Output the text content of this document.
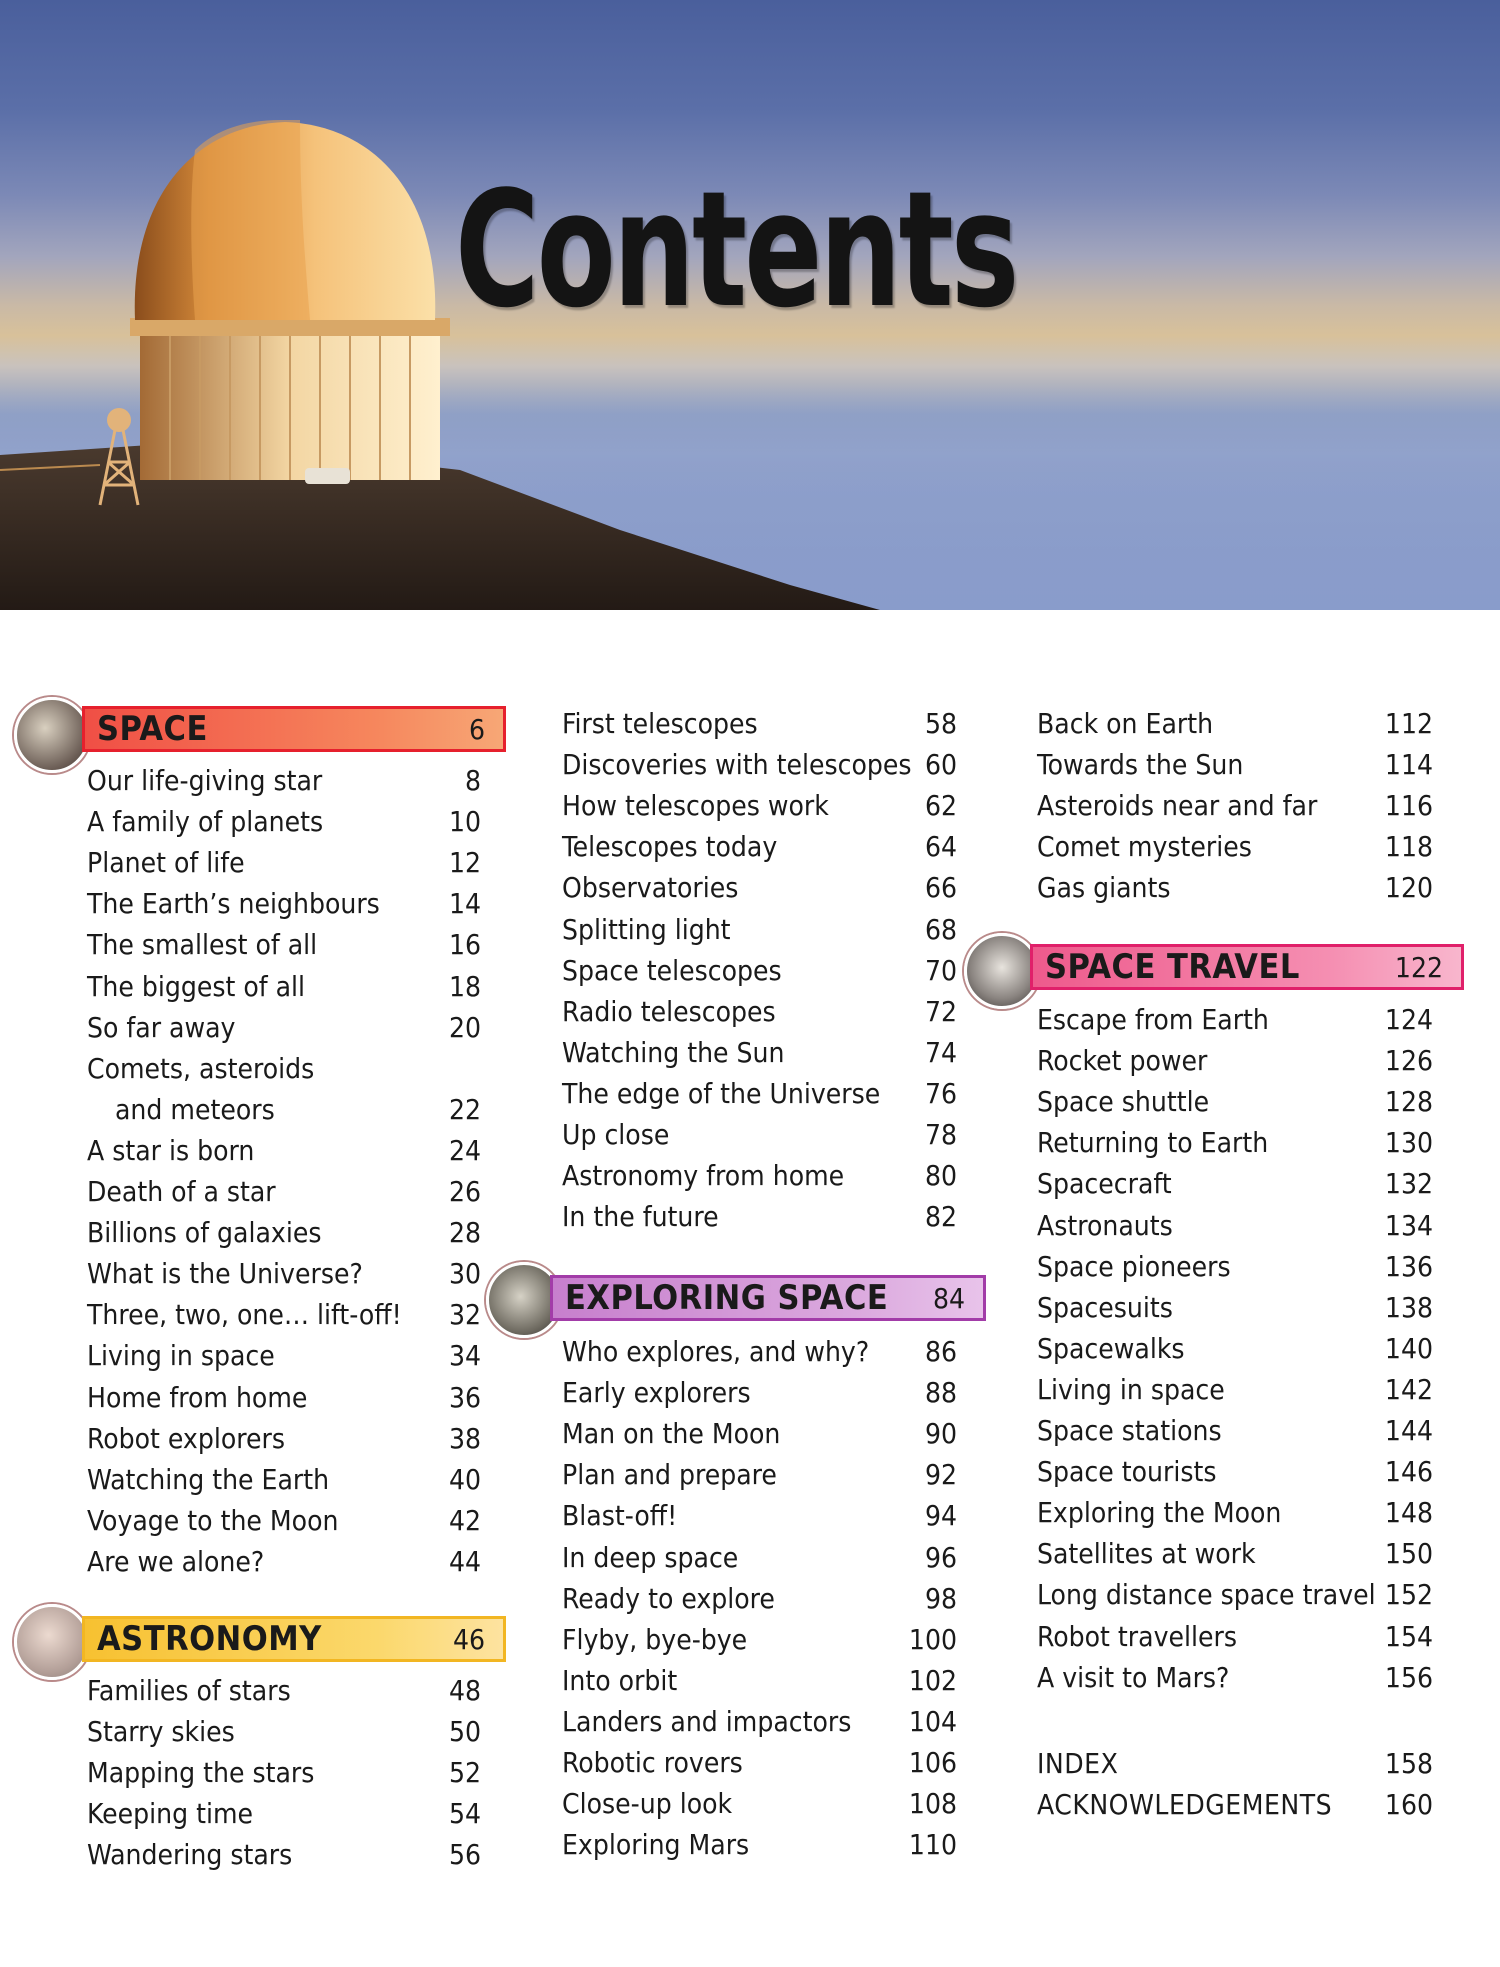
Contents
SPACE	6
Our life-giving star	8
A family of planets	10
Planet of life	12
The Earth’s neighbours 14
The smallest of all	16
The biggest of all	18
So far away	20
Comets, asteroids
and meteors	22
A star is born	24
Death of a star	26
Billions of galaxies	28
What is the Universe?	30
Three, two, one… lift-off! 32
Living in space	34
Home from home	36
Robot explorers	38
Watching the Earth	40
Voyage to the Moon	42
Are we alone?	44
ASTRONOMY	46
Families of stars	48
Starry skies	50
Mapping the stars	52
Keeping time	54
Wandering stars	56
First telescopes	58
Discoveries with telescopes 60
How telescopes work	62
Telescopes today	64
Observatories	66
Splitting light	68
Space telescopes	70
Radio telescopes	72
Watching the Sun	74
The edge of the Universe 76
Up close	78
Astronomy from home	80
In the future	82
EXPLORING SPACE 84
Who explores, and why? 86
Early explorers	88
Man on the Moon	90
Plan and prepare	92
Blast-off!	94
In deep space	96
Ready to explore	98
Flyby, bye-bye	100
Into orbit	102
Landers and impactors 104
Robotic rovers	106
Close-up look	108
Exploring Mars	110
Back on Earth	112
Towards the Sun	114
Asteroids near and far 116
Comet mysteries	118
Gas giants	120
SPACE TRAVEL	122
Escape from Earth	124
Rocket power	126
Space shuttle	128
Returning to Earth	130
Spacecraft	132
Astronauts	134
Space pioneers	136
Spacesuits	138
Spacewalks	140
Living in space	142
Space stations	144
Space tourists	146
Exploring the Moon	148
Satellites at work	150
Long distance space travel 152
Robot travellers	154
A visit to Mars?	156
INDEX	158
ACKNOWLEDGEMENTS 160
